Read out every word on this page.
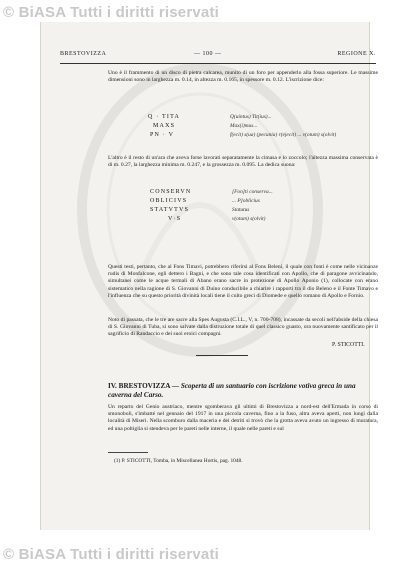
© BiASA Tutti i diritti riservati
BRESTOVIZZA	— 100 —	REGIONE X.

Uno è il frammento di un disco di pietra calcarea, munito di un foro per appenderlo alla fossa superiore. Le massime dimensioni sono in larghezza m. 0.14, in altezza m. 0.165, in spessore m. 0.12. L'iscrizione dice:

Q · TITA
MAXS
ΡΝ · V
Q(uintus) Tit(ius)...
Max(i)mus...
f(ecit) s(ua) (pecunia) r(ejecit) ... v(otum) s(olvit)

L'altro è il resto di un'ara che aveva forse lavorati separatamente la cimasa e lo zoccolo; l'altezza massima conservata è di m. 0.27, la larghezza minima m. 0.247, e la grossezza m. 0.095. La dedica suona:

CONSERVN
OBLICIVS
STATVTVS
V·S
[Fon]ti conserva...
... P]oblicius
Statutus
v(otum) s(olvit)

Questi testi, pertanto, che al Fons Timavi, potrebbero riferirsi al Fons Belení, il quale con fonti è come nelle vicinanze rudis di Monfalcone, egli dettero i Bagni, e che sono tale cosa identificati con Apollo, che di paragone avvicinando, simultanei come le acque termali di Abano erano sacre in protezione di Apollo Aponio (1), collocate con erano sistematico nella ragione di S. Giovanni di Duino conducibile a chiarire i rapporti tra il dio Beleno e il Fonte Timavo e l'influenza che su questo priorità divinità locali tiene il culto greci di Diomede e quello romano di Apollo e Fornio.

Noto di passata, che le tre are sacre alla Spes Augusta (C.I.L., V, n. 700-708), incassate da secoli nell'abside della chiesa di S. Giovanni di Tuba, si sono salvate dalla distruzione totale di quel classico guasto, ora nuovamente santificato per il sagrificio di Randaccio e dei suoi eroici compagni.

P. STICOTTI.

IV. BRESTOVIZZA — Scoperta di un santuario con iscrizione votiva greca in una caverna del Carso.

Un reparto del Genio austriaco, mentre sgomberava gli ultimi di Brestovizza a nord-est dell'Ermada in corso di smonoboli, s'imbatté nel gennaio del 1917 in una piccola caverna, fino a la fuso, altra aveva aperti, non lungi dalla località di Miseri. Nella scomburo dalla maceria e dei detriti si trovò che la grotta aveva avuto un ingresso di muratura, ed una poltiglia si stendeva per le pareti nelle interne, il quale nelle pareti e sul

(1) P. STICOTTI, Tomba, in Miscellanea Hortis, pag. 1048.
© BiASA Tutti i diritti riservati
